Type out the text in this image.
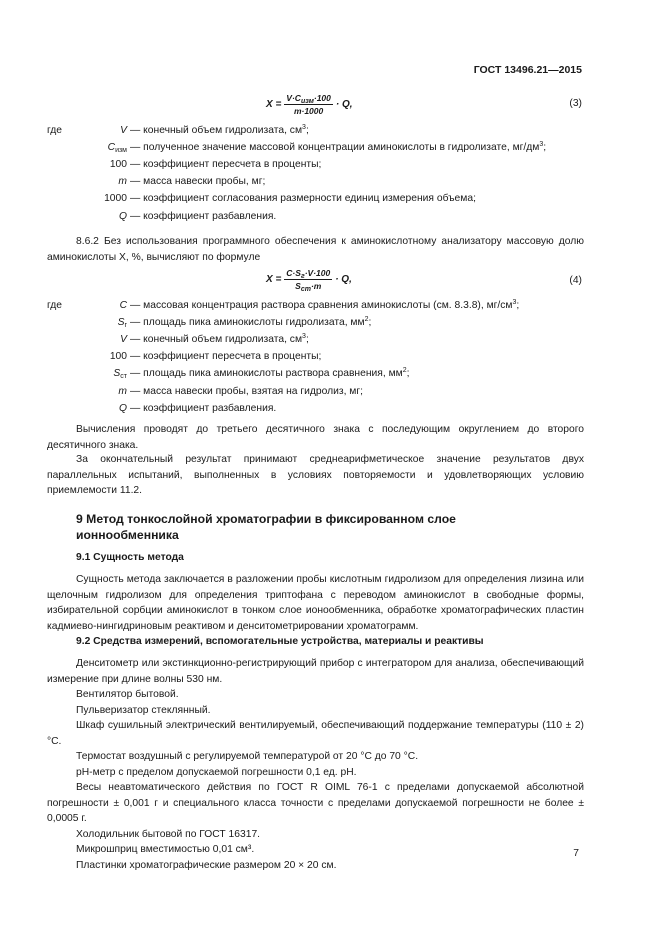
ГОСТ 13496.21—2015
$X = \frac{V\cdot C_{изм}\cdot 100}{m\cdot 1000} \cdot Q$,	(3)
где	V — конечный объем гидролизата, $см^3$;
$C_{изм}$ — полученное значение массовой концентрации аминокислоты в гидролизате, $мг/дм^3$;
100 — коэффициент пересчета в проценты;
m — масса навески пробы, мг;
1000 — коэффициент согласования размерности единиц измерения объема;
Q — коэффициент разбавления.
8.6.2 Без использования программного обеспечения к аминокислотному анализатору массовую долю аминокислоты X, %, вычисляют по формуле
$X = \frac{C\cdot S_г\cdot V\cdot 100}{S_{ст}\cdot m} \cdot Q$,	(4)
где	C — массовая концентрация раствора сравнения аминокислоты (см. 8.3.8), $мг/см^3$;
$S_г$ — площадь пика аминокислоты гидролизата, $мм^2$;
V — конечный объем гидролизата, $см^3$;
100 — коэффициент пересчета в проценты;
$S_{ст}$ — площадь пика аминокислоты раствора сравнения, $мм^2$;
m — масса навески пробы, взятая на гидролиз, мг;
Q — коэффициент разбавления.
Вычисления проводят до третьего десятичного знака с последующим округлением до второго десятичного знака.
За окончательный результат принимают среднеарифметическое значение результатов двух параллельных испытаний, выполненных в условиях повторяемости и удовлетворяющих условию приемлемости 11.2.
9 Метод тонкослойной хроматографии в фиксированном слое ионнообменника
9.1 Сущность метода
Сущность метода заключается в разложении пробы кислотным гидролизом для определения лизина или щелочным гидролизом для определения триптофана с переводом аминокислот в свободные формы, избирательной сорбции аминокислот в тонком слое ионообменника, обработке хроматографических пластин кадмиево-нингидриновым реактивом и денситометрировании хроматограмм.
9.2 Средства измерений, вспомогательные устройства, материалы и реактивы
Денситометр или экстинкционно-регистрирующий прибор с интегратором для анализа, обеспечивающий измерение при длине волны 530 нм.
Вентилятор бытовой.
Пульверизатор стеклянный.
Шкаф сушильный электрический вентилируемый, обеспечивающий поддержание температуры (110 ± 2) °С.
Термостат воздушный с регулируемой температурой от 20 °С до 70 °С.
рН-метр с пределом допускаемой погрешности 0,1 ед. рН.
Весы неавтоматического действия по ГОСТ R OIML 76-1 с пределами допускаемой абсолютной погрешности ± 0,001 г и специального класса точности с пределами допускаемой погрешности не более ± 0,0005 г.
Холодильник бытовой по ГОСТ 16317.
Микрошприц вместимостью 0,01 см³.
Пластинки хроматографические размером 20 × 20 см.
7
